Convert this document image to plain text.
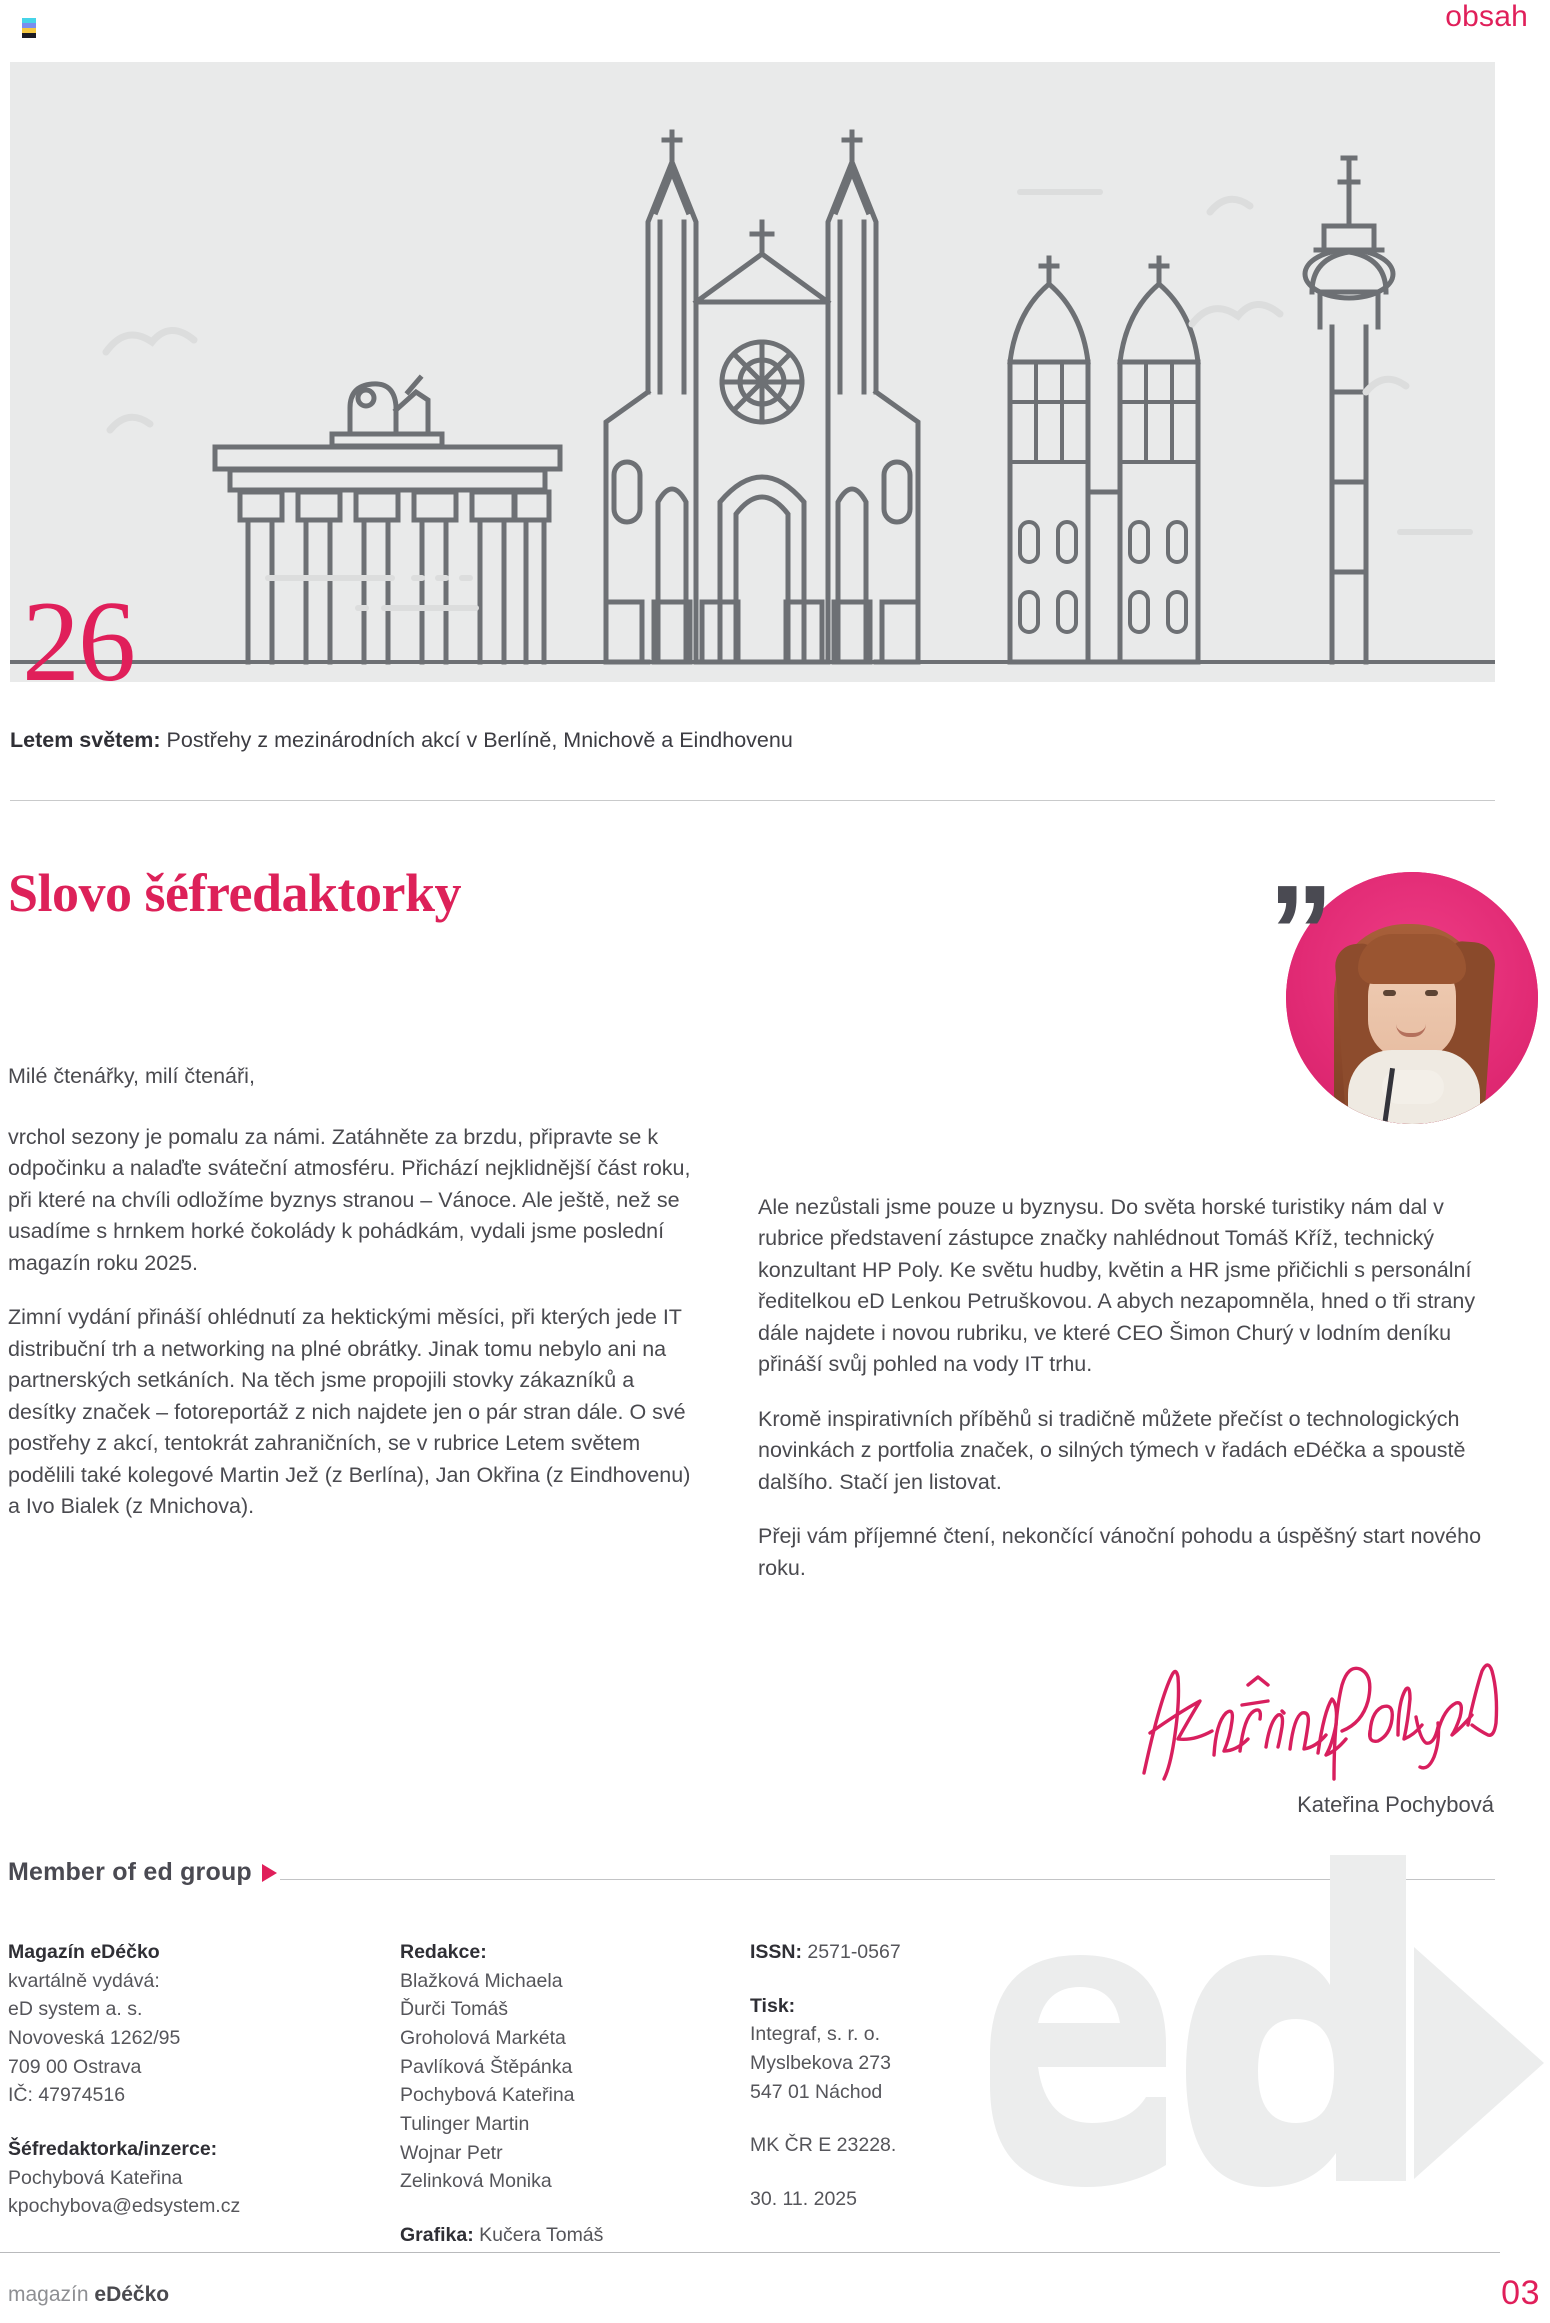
obsah
26
Letem světem: Postřehy z mezinárodních akcí v Berlíně, Mnichově a Eindhovenu
Slovo šéfredaktorky	”
Milé čtenářky, milí čtenáři,

vrchol sezony je pomalu za námi. Zatáhněte za brzdu, připravte se k odpočinku a nalaďte sváteční atmosféru. Přichází nejklidnější část roku, při které na chvíli odložíme byznys stranou – Vánoce. Ale ještě, než se usadíme s hrnkem horké čokolády k pohádkám, vydali jsme poslední magazín roku 2025.

Zimní vydání přináší ohlédnutí za hektickými měsíci, při kterých jede IT distribuční trh a networking na plné obrátky. Jinak tomu nebylo ani na partnerských setkáních. Na těch jsme propojili stovky zákazníků a desítky značek – fotoreportáž z nich najdete jen o pár stran dále. O své postřehy z akcí, tentokrát zahraničních, se v rubrice Letem světem podělili také kolegové Martin Jež (z Berlína), Jan Okřina (z Eindhovenu) a Ivo Bialek (z Mnichova).

Ale nezůstali jsme pouze u byznysu. Do světa horské turistiky nám dal v rubrice představení zástupce značky nahlédnout Tomáš Kříž, technický konzultant HP Poly. Ke světu hudby, květin a HR jsme přičichli s personální ředitelkou eD Lenkou Petruškovou. A abych nezapomněla, hned o tři strany dále najdete i novou rubriku, ve které CEO Šimon Churý v lodním deníku přináší svůj pohled na vody IT trhu.

Kromě inspirativních příběhů si tradičně můžete přečíst o technologických novinkách z portfolia značek, o silných týmech v řadách eDéčka a spoustě dalšího. Stačí jen listovat.

Přeji vám příjemné čtení, nekončící vánoční pohodu a úspěšný start nového roku.

Kateřina Pochybová
Member of ed group
Magazín eDéčko
kvartálně vydává:
eD system a. s.
Novoveská 1262/95
709 00 Ostrava
IČ: 47974516
Šéfredaktorka/inzerce:
Pochybová Kateřina
kpochybova@edsystem.cz
Redakce:
Blažková Michaela
Ďurči Tomáš
Groholová Markéta
Pavlíková Štěpánka
Pochybová Kateřina
Tulinger Martin
Wojnar Petr
Zelinková Monika
Grafika: Kučera Tomáš
ISSN: 2571-0567
Tisk:
Integraf, s. r. o.
Myslbekova 273
547 01 Náchod
MK ČR E 23228.
30. 11. 2025
magazín eDéčko	03
